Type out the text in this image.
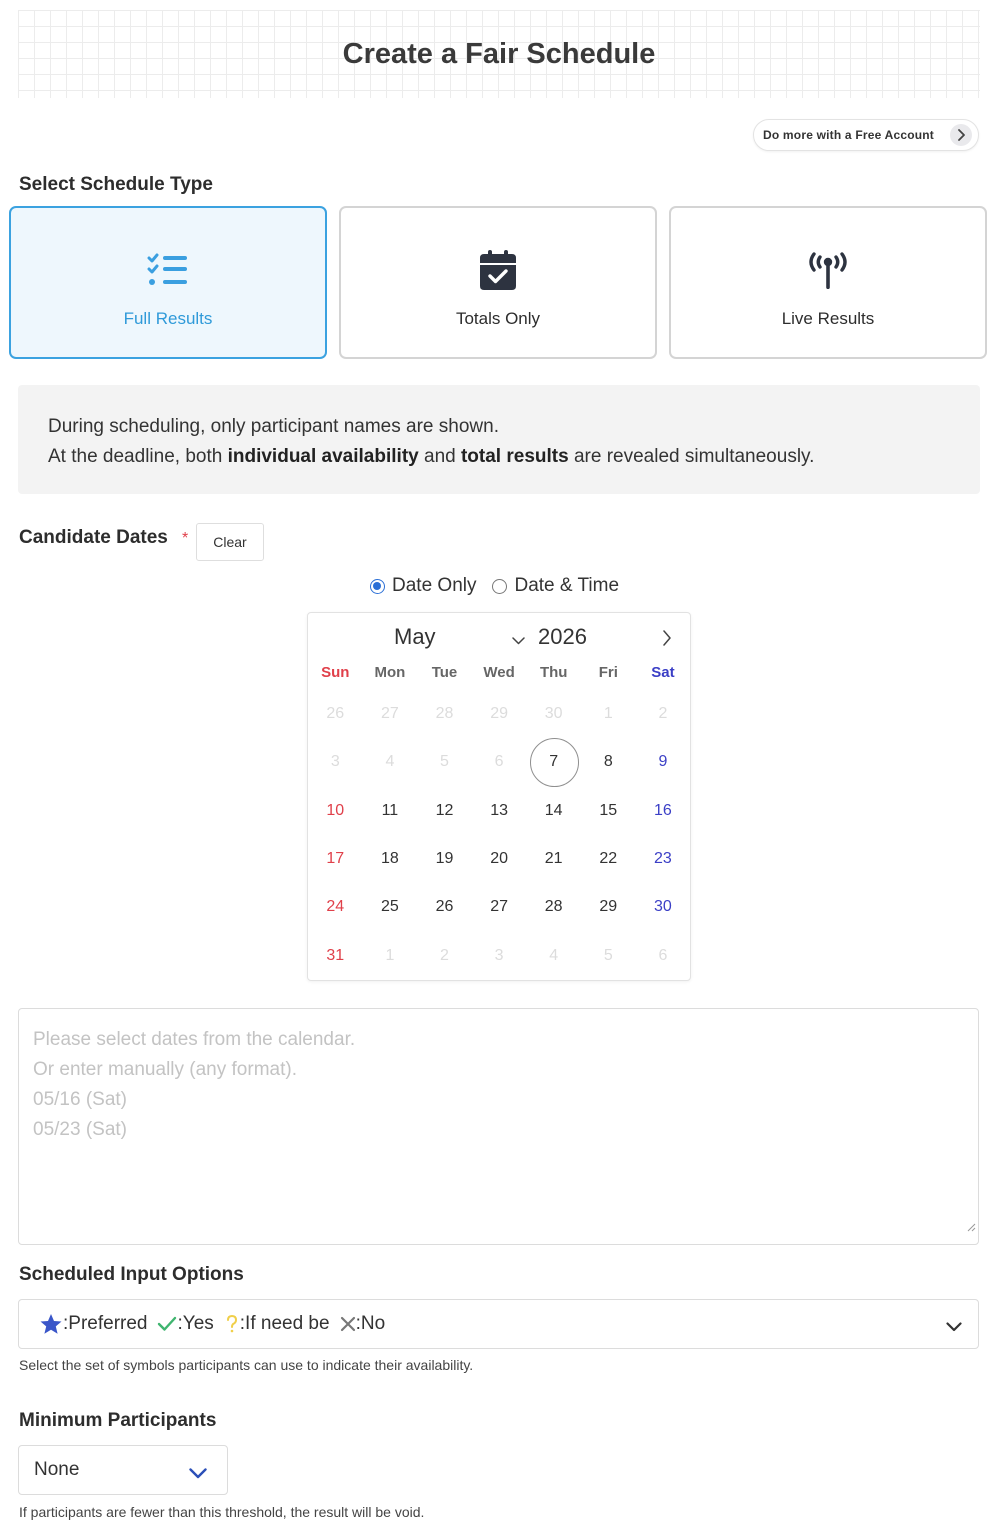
Create a Fair Schedule
Do more with a Free Account
Select Schedule Type
Full Results	Totals Only	Live Results
During scheduling, only participant names are shown.
At the deadline, both individual availability and total results are revealed simultaneously.
Candidate Dates *	Clear
Date Only Date & Time
May	2026
Sun	Mon	Tue	Wed	Thu	Fri	Sat
26 27 28 29 30	1	2
3	4	5	6	7	8	9
10 11 12 13 14 15 16
17 18 19 20 21 22 23
24 25 26 27 28 29 30
31	1	2	3	4	5	6
Please select dates from the calendar.
Or enter manually (any format).
05/16 (Sat)
05/23 (Sat)
Scheduled Input Options
:Preferred :Yes :If need be :No
Select the set of symbols participants can use to indicate their availability.
Minimum Participants
None
If participants are fewer than this threshold, the result will be void.
